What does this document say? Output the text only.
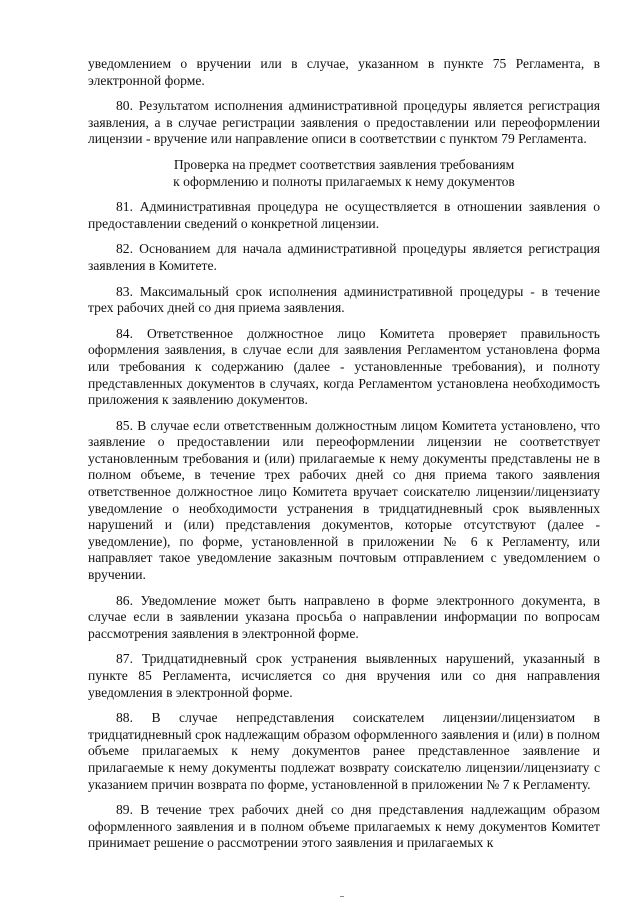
уведомлением о вручении или в случае, указанном в пункте 75 Регламента, в электронной форме.

80. Результатом исполнения административной процедуры является регистрация заявления, а в случае регистрации заявления о предоставлении или переоформлении лицензии - вручение или направление описи в соответствии с пунктом 79 Регламента.

Проверка на предмет соответствия заявления требованиям
к оформлению и полноты прилагаемых к нему документов

81. Административная процедура не осуществляется в отношении заявления о предоставлении сведений о конкретной лицензии.

82. Основанием для начала административной процедуры является регистрация заявления в Комитете.

83. Максимальный срок исполнения административной процедуры - в течение трех рабочих дней со дня приема заявления.

84. Ответственное должностное лицо Комитета проверяет правильность оформления заявления, в случае если для заявления Регламентом установлена форма или требования к содержанию (далее - установленные требования), и полноту представленных документов в случаях, когда Регламентом установлена необходимость приложения к заявлению документов.

85. В случае если ответственным должностным лицом Комитета установлено, что заявление о предоставлении или переоформлении лицензии не соответствует установленным требования и (или) прилагаемые к нему документы представлены не в полном объеме, в течение трех рабочих дней со дня приема такого заявления ответственное должностное лицо Комитета вручает соискателю лицензии/лицензиату уведомление о необходимости устранения в тридцатидневный срок выявленных нарушений и (или) представления документов, которые отсутствуют (далее - уведомление), по форме, установленной в приложении № 6 к Регламенту, или направляет такое уведомление заказным почтовым отправлением с уведомлением о вручении.

86. Уведомление может быть направлено в форме электронного документа, в случае если в заявлении указана просьба о направлении информации по вопросам рассмотрения заявления в электронной форме.

87. Тридцатидневный срок устранения выявленных нарушений, указанный в пункте 85 Регламента, исчисляется со дня вручения или со дня направления уведомления в электронной форме.

88. В случае непредставления соискателем лицензии/лицензиатом в тридцатидневный срок надлежащим образом оформленного заявления и (или) в полном объеме прилагаемых к нему документов ранее представленное заявление и прилагаемые к нему документы подлежат возврату соискателю лицензии/лицензиату с указанием причин возврата по форме, установленной в приложении № 7 к Регламенту.

89. В течение трех рабочих дней со дня представления надлежащим образом оформленного заявления и в полном объеме прилагаемых к нему документов Комитет принимает решение о рассмотрении этого заявления и прилагаемых к
